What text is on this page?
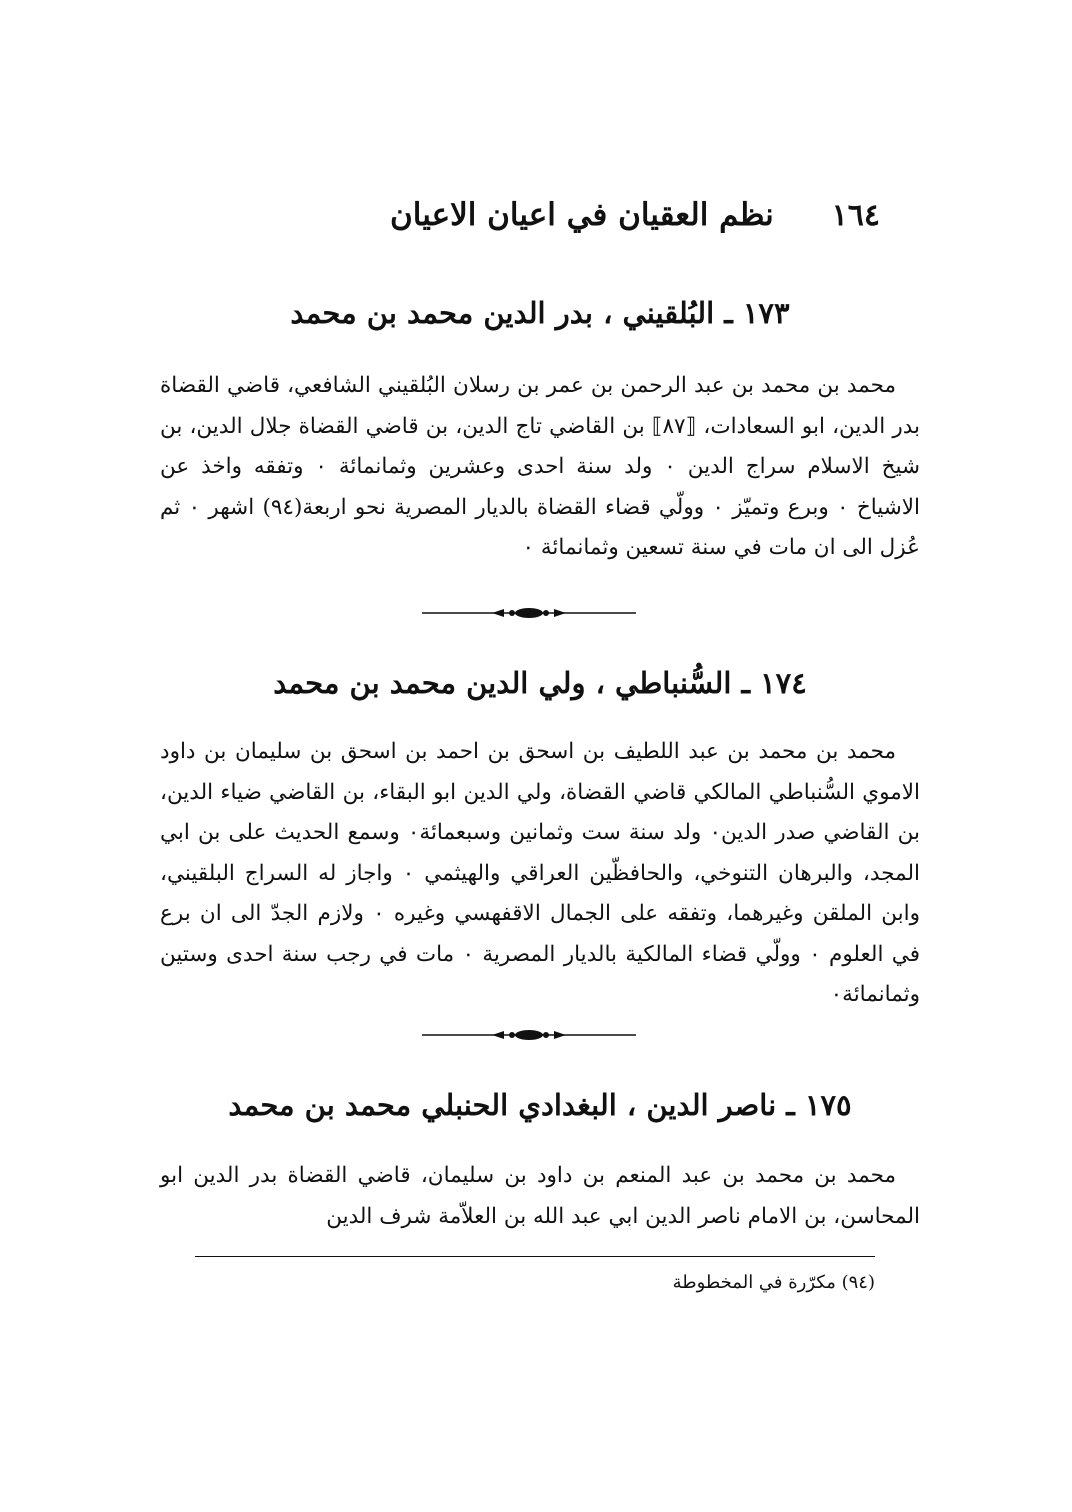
١٦٤
نظم العقيان في اعيان الاعيان
١٧٣ ـ البُلقيني ، بدر الدين محمد بن محمد
محمد بن محمد بن عبد الرحمن بن عمر بن رسلان البُلقيني الشافعي، قاضي القضاة بدر الدين، ابو السعادات، ⟦٨٧⟧ بن القاضي تاج الدين، بن قاضي القضاة جلال الدين، بن شيخ الاسلام سراج الدين ٠ ولد سنة احدى وعشرين وثمانمائة ٠ وتفقه واخذ عن الاشياخ ٠ وبرع وتميّز ٠ وولّي قضاء القضاة بالديار المصرية نحو اربعة(٩٤) اشهر ٠ ثم عُزل الى ان مات في سنة تسعين وثمانمائة ٠
١٧٤ ـ السُّنباطي ، ولي الدين محمد بن محمد
محمد بن محمد بن عبد اللطيف بن اسحق بن احمد بن اسحق بن سليمان بن داود الاموي السُّنباطي المالكي قاضي القضاة، ولي الدين ابو البقاء، بن القاضي ضياء الدين، بن القاضي صدر الدين٠ ولد سنة ست وثمانين وسبعمائة٠ وسمع الحديث على بن ابي المجد، والبرهان التنوخي، والحافظّين العراقي والهيثمي ٠ واجاز له السراج البلقيني، وابن الملقن وغيرهما، وتفقه على الجمال الاقفهسي وغيره ٠ ولازم الجدّ الى ان برع في العلوم ٠ وولّي قضاء المالكية بالديار المصرية ٠ مات في رجب سنة احدى وستين وثمانمائة٠
١٧٥ ـ ناصر الدين ، البغدادي الحنبلي محمد بن محمد
محمد بن محمد بن عبد المنعم بن داود بن سليمان، قاضي القضاة بدر الدين ابو المحاسن، بن الامام ناصر الدين ابي عبد الله بن العلاّمة شرف الدين
(٩٤) مكرّرة في المخطوطة
